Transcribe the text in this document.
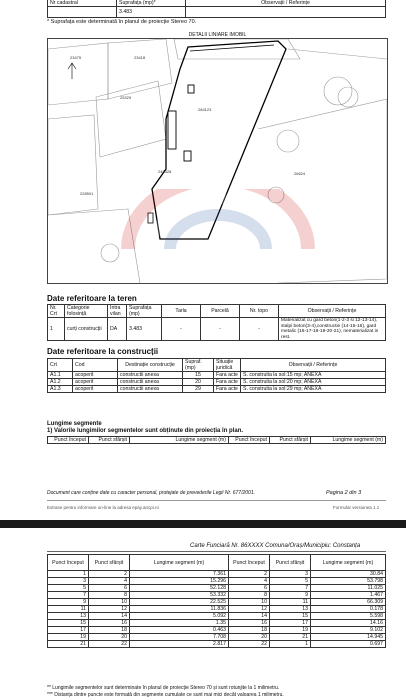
Nr cadastral	Suprafața (mp)*	Observații / Referințe
	3.483	
* Suprafața este determinată în planul de proiecție Stereo 70.
DETALII LINIARE IMOBIL
23475	23418
25329
284123
248328	26624
228501
Date referitoare la teren
Nr. Crt	Categorie folosință	Intra vilan	Suprafața (mp)	Tarla	Parcelă	Nr. topo	Observații / Referințe
1	curți construcții	DA	3.483	-	-	-	Materializat cu gard beton(1-2-3 si 12-13-14), stalpi beton(3-4),constructie (14-15-16), gard metalic (16-17-18-19-20-21), nematerializat in rest.
Date referitoare la construcții
Crt	Cod	Destinație construcție	Supraf. (mp)	Situație juridică	Observații / Referințe
A1.1	acoperit	constructii anexa	15	Fara acte	S. construita la sol:15 mp; ANEXA
A1.2	acoperit	constructii anexa	20	Fara acte	S. construita la sol:20 mp; ANEXA
A1.3	acoperit	constructii anexa	29	Fara acte	S. construita la sol:29 mp; ANEXA
Lungime segmente
1) Valorile lungimilor segmentelor sunt obținute din proiecția în plan.
Punct început	Punct sfârșit	Lungime segment (m)	Punct început	Punct sfârșit	Lungime segment (m)
Document care conține date cu caracter personal, protejate de prevederile Legii Nr. 677/2001.	Pagina 2 din 3
Extrase pentru informare on-line la adresa epay.ancpi.ro	Formular versiunea 1.1
Carte Funciară Nr. 86XXXX Comuna/Oraș/Municipiu: Constanța
Punct început	Punct sfârșit	Lungime segment (m)	Punct început	Punct sfârșit	Lungime segment (m)
1	2	7.361	2	3	30.84
3	4	15.296	4	5	53.798
5	6	52.128	6	7	11.025
7	8	53.332	8	9	1.467
9	10	22.525	10	11	66.309
11	12	11.836	12	13	0.178
13	14	5.092	14	15	5.598
15	16	1.35	16	17	14.16
17	18	0.463	18	19	9.102
19	20	7.708	20	21	14.945
21	22	2.817	22	1	0.697
** Lungimile segmentelor sunt determinate în planul de proiecție Stereo 70 și sunt rotunjite la 1 milimetru.
*** Distanța dintre puncte este formată din segmente cumulate ce sunt mai mici decât valoarea 1 milimetru.
